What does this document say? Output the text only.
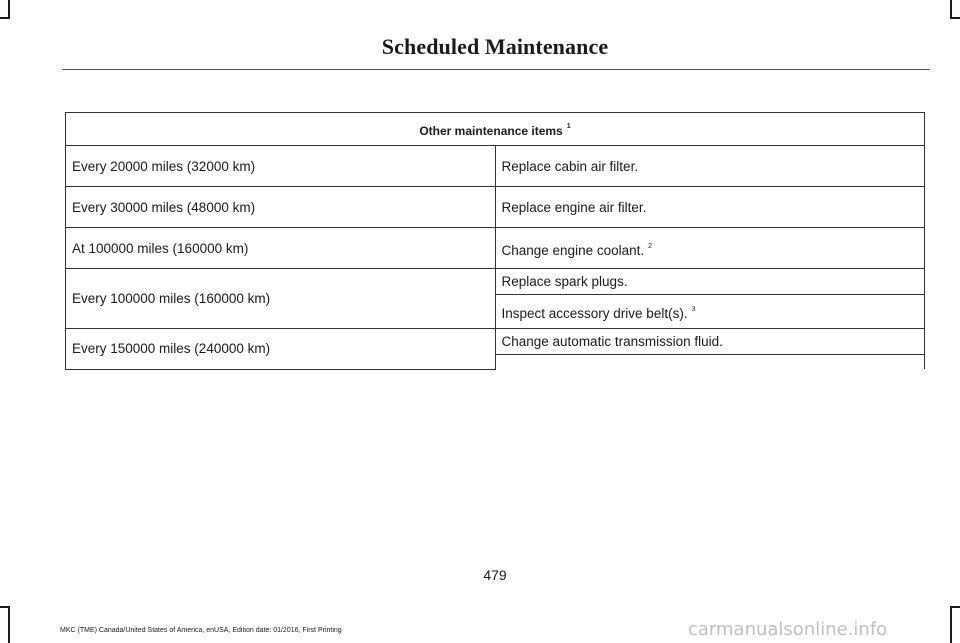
Scheduled Maintenance
Other maintenance items $^1$
Every 20000 miles (32000 km)	Replace cabin air filter.
Every 30000 miles (48000 km)	Replace engine air filter.
At 100000 miles (160000 km)	Change engine coolant. $^2$
Every 100000 miles (160000 km)	Replace spark plugs.
	Inspect accessory drive belt(s). $^3$
Every 150000 miles (240000 km)	Change automatic transmission fluid.

479
MKC (TME) Canada/United States of America, enUSA, Edition date: 01/2016, First Printing	carmanualsonline.info
